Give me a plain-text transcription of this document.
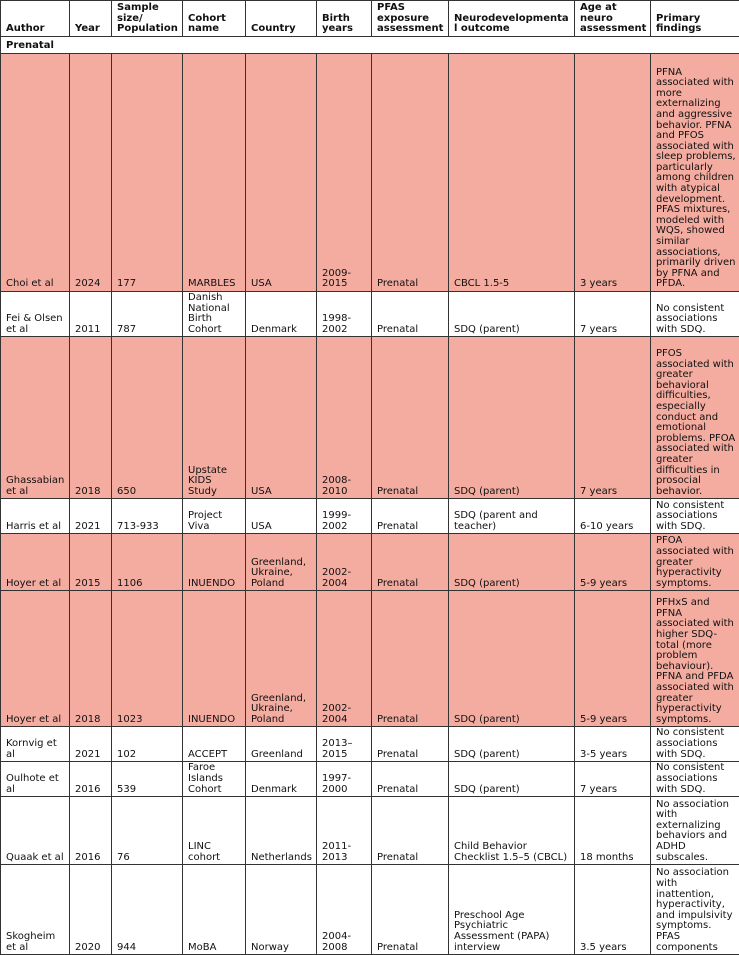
Author	Year	Sample size/ Population	Cohort name	Country	Birth years	PFAS exposure assessment	Neurodevelopmental outcome	Age at neuro assessment	Primary findings
Prenatal									
Choi et al	2024	177	MARBLES	USA	2009-2015	Prenatal	CBCL 1.5-5	3 years	PFNA associated with more externalizing and aggressive behavior. PFNA and PFOS associated with sleep problems, particularly among children with atypical development. PFAS mixtures, modeled with WQS, showed similar associations, primarily driven by PFNA and PFDA.
Fei & Olsen et al	2011	787	Danish National Birth Cohort	Denmark	1998-2002	Prenatal	SDQ (parent)	7 years	No consistent associations with SDQ.
Ghassabian et al	2018	650	Upstate KIDS Study	USA	2008-2010	Prenatal	SDQ (parent)	7 years	PFOS associated with greater behavioral difficulties, especially conduct and emotional problems. PFOA associated with greater difficulties in prosocial behavior.
Harris et al	2021	713-933	Project Viva	USA	1999-2002	Prenatal	SDQ (parent and teacher)	6-10 years	No consistent associations with SDQ.
Hoyer et al	2015	1106	INUENDO	Greenland, Ukraine, Poland	2002-2004	Prenatal	SDQ (parent)	5-9 years	PFOA associated with greater hyperactivity symptoms.
Hoyer et al	2018	1023	INUENDO	Greenland, Ukraine, Poland	2002-2004	Prenatal	SDQ (parent)	5-9 years	PFHxS and PFNA associated with higher SDQ-total (more problem behaviour). PFNA and PFDA associated with greater hyperactivity symptoms.
Kornvig et al	2021	102	ACCEPT	Greenland	2013–2015	Prenatal	SDQ (parent)	3-5 years	No consistent associations with SDQ.
Oulhote et al	2016	539	Faroe Islands Cohort	Denmark	1997-2000	Prenatal	SDQ (parent)	7 years	No consistent associations with SDQ.
Quaak et al	2016	76	LINC cohort	Netherlands	2011-2013	Prenatal	Child Behavior Checklist 1.5–5 (CBCL)	18 months	No association with externalizing behaviors and ADHD subscales.
Skogheim et al	2020	944	MoBA	Norway	2004-2008	Prenatal	Preschool Age Psychiatric Assessment (PAPA) interview	3.5 years	No association with inattention, hyperactivity, and impulsivity symptoms. PFAS components
